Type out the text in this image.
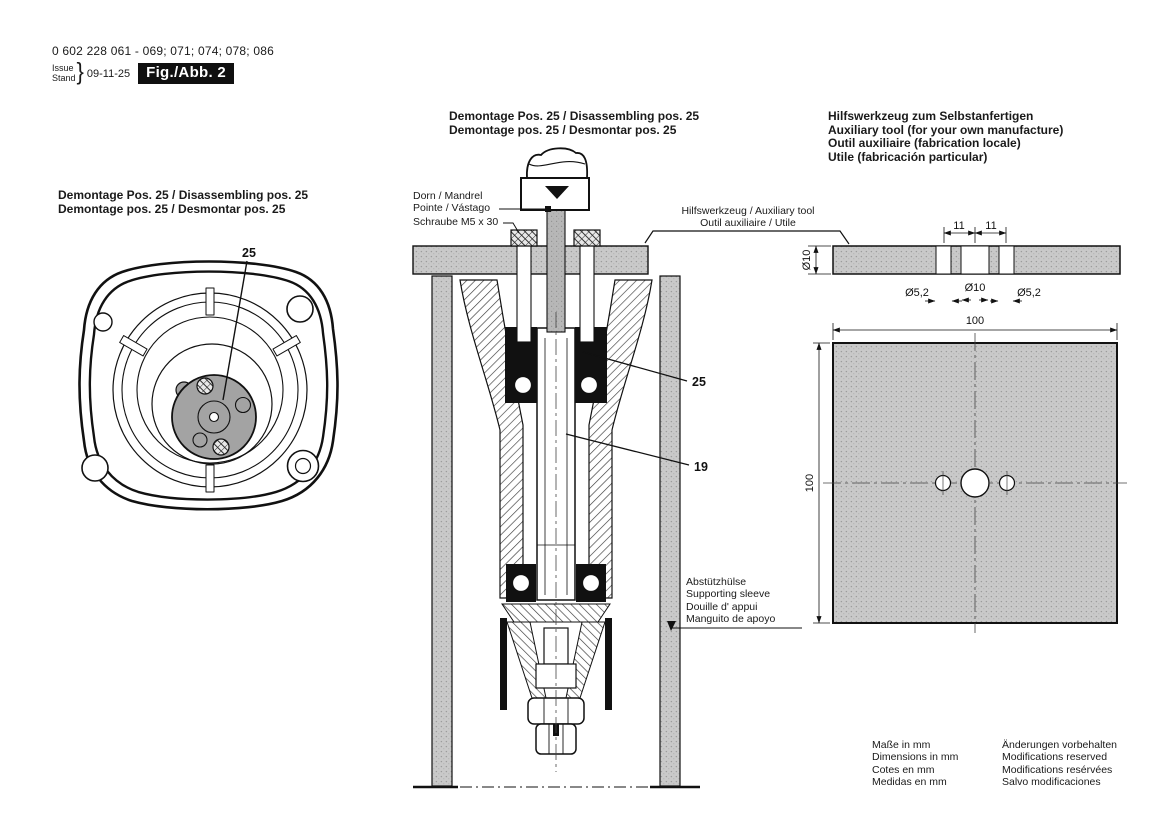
25
25
19
11 11
Ø10
Ø5,2	Ø10	Ø5,2
100
100
0 602 228 061 - 069; 071; 074; 078; 086
Issue
Stand } 09-11-25	Fig./Abb. 2
Demontage Pos. 25 / Disassembling pos. 25
Demontage pos. 25 / Desmontar pos. 25
Demontage Pos. 25 / Disassembling pos. 25
Demontage pos. 25 / Desmontar pos. 25
Hilfswerkzeug zum Selbstanfertigen
Auxiliary tool (for your own manufacture)
Outil auxiliaire (fabrication locale)
Utile (fabricación particular)
Dorn / Mandrel
Pointe / Vástago
Schraube M5 x 30
Hilfswerkzeug / Auxiliary tool
Outil auxiliaire / Utile
Abstützhülse
Supporting sleeve
Douille d' appui
Manguito de apoyo
Maße in mm
Dimensions in mm
Cotes en mm
Medidas en mm
Änderungen vorbehalten
Modifications reserved
Modifications resérvées
Salvo modificaciones
